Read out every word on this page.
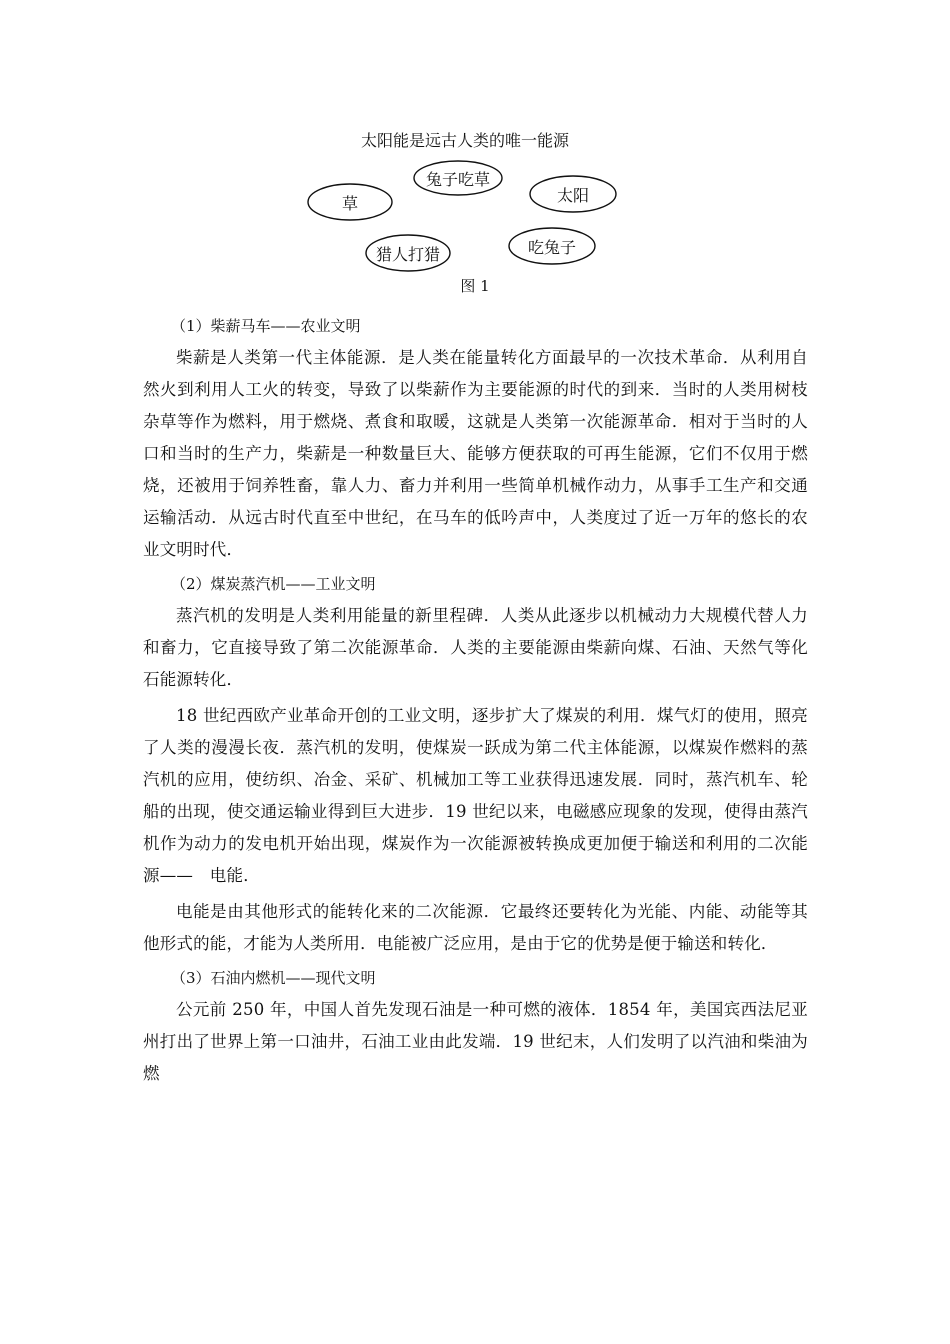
太阳能是远古人类的唯一能源
草
兔子吃草
太阳
猎人打猎	吃兔子
图 1
（1）柴薪马车——农业文明

柴薪是人类第一代主体能源．是人类在能量转化方面最早的一次技术革命．从利用自然火到利用人工火的转变，导致了以柴薪作为主要能源的时代的到来．当时的人类用树枝杂草等作为燃料，用于燃烧、煮食和取暖，这就是人类第一次能源革命．相对于当时的人口和当时的生产力，柴薪是一种数量巨大、能够方便获取的可再生能源，它们不仅用于燃烧，还被用于饲养牲畜，靠人力、畜力并利用一些简单机械作动力，从事手工生产和交通运输活动．从远古时代直至中世纪，在马车的低吟声中，人类度过了近一万年的悠长的农业文明时代．

（2）煤炭蒸汽机——工业文明

蒸汽机的发明是人类利用能量的新里程碑．人类从此逐步以机械动力大规模代替人力和畜力，它直接导致了第二次能源革命．人类的主要能源由柴薪向煤、石油、天然气等化石能源转化．

18 世纪西欧产业革命开创的工业文明，逐步扩大了煤炭的利用．煤气灯的使用，照亮了人类的漫漫长夜．蒸汽机的发明，使煤炭一跃成为第二代主体能源，以煤炭作燃料的蒸汽机的应用，使纺织、冶金、采矿、机械加工等工业获得迅速发展．同时，蒸汽机车、轮船的出现，使交通运输业得到巨大进步．19 世纪以来，电磁感应现象的发现，使得由蒸汽机作为动力的发电机开始出现，煤炭作为一次能源被转换成更加便于输送和利用的二次能源——　电能．

电能是由其他形式的能转化来的二次能源．它最终还要转化为光能、内能、动能等其他形式的能，才能为人类所用．电能被广泛应用，是由于它的优势是便于输送和转化．

（3）石油内燃机——现代文明

公元前 250 年，中国人首先发现石油是一种可燃的液体．1854 年，美国宾西法尼亚州打出了世界上第一口油井，石油工业由此发端．19 世纪末，人们发明了以汽油和柴油为燃
